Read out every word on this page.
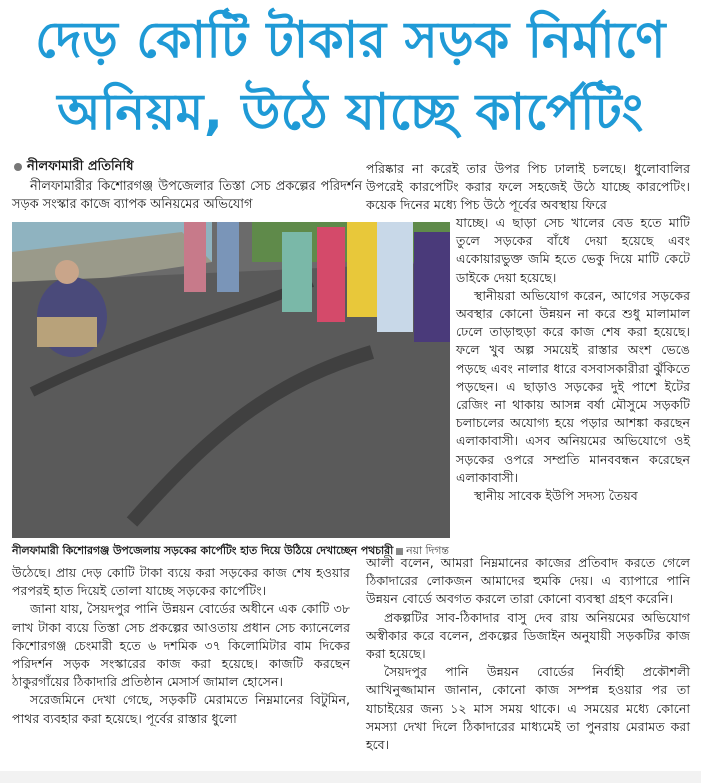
দেড় কোটি টাকার সড়ক নির্মাণে
অনিয়ম, উঠে যাচ্ছে কার্পেটিং
নীলফামারী প্রতিনিধি

নীলফামারীর কিশোরগঞ্জ উপজেলার তিস্তা সেচ প্রকল্পের পরিদর্শন সড়ক সংস্কার কাজে ব্যাপক অনিয়মের অভিযোগ

নীলফামারী কিশোরগঞ্জ উপজেলায় সড়কের কার্পেটিং হাত দিয়ে উঠিয়ে দেখাচ্ছেন পথচারী নয়া দিগন্ত

উঠেছে। প্রায় দেড় কোটি টাকা ব্যয়ে করা সড়কের কাজ শেষ হওয়ার পরপরই হাত দিয়েই তোলা যাচ্ছে সড়কের কার্পেটিং।

জানা যায়, সৈয়দপুর পানি উন্নয়ন বোর্ডের অধীনে এক কোটি ৩৮ লাখ টাকা ব্যয়ে তিস্তা সেচ প্রকল্পের আওতায় প্রধান সেচ ক্যানেলের কিশোরগঞ্জ চেংমারী হতে ৬ দশমিক ৩৭ কিলোমিটার বাম দিকের পরিদর্শন সড়ক সংস্কারের কাজ করা হয়েছে। কাজটি করছেন ঠাকুরগাঁয়ের ঠিকাদারি প্রতিষ্ঠান মেসার্স জামাল হোসেন।

সরেজমিনে দেখা গেছে, সড়কটি মেরামতে নিম্নমানের বিটুমিন, পাথর ব্যবহার করা হয়েছে। পূর্বের রাস্তার ধুলো

পরিষ্কার না করেই তার উপর পিচ ঢালাই চলছে। ধুলোবালির উপরেই কারপেটিং করার ফলে সহজেই উঠে যাচ্ছে কারপেটিং। কয়েক দিনের মধ্যে পিচ উঠে পূর্বের অবস্থায় ফিরে

যাচ্ছে। এ ছাড়া সেচ খালের বেড হতে মাটি তুলে সড়কের বাঁধে দেয়া হয়েছে এবং একোয়ারভুক্ত জমি হতে ভেকু দিয়ে মাটি কেটে ডাইকে দেয়া হয়েছে।

স্থানীয়রা অভিযোগ করেন, আগের সড়কের অবস্থার কোনো উন্নয়ন না করে শুধু মালামাল ঢেলে তাড়াহুড়া করে কাজ শেষ করা হয়েছে। ফলে খুব অল্প সময়েই রাস্তার অংশ ভেঙে পড়ছে এবং নালার ধারে বসবাসকারীরা ঝুঁকিতে পড়ছেন। এ ছাড়াও সড়কের দুই পাশে ইটের রেজিং না থাকায় আসন্ন বর্ষা মৌসুমে সড়কটি চলাচলের অযোগ্য হয়ে পড়ার আশঙ্কা করছেন এলাকাবাসী। এসব অনিয়মের অভিযোগে ওই সড়কের ওপরে সম্প্রতি মানববন্ধন করেছেন এলাকাবাসী।

স্থানীয় সাবেক ইউপি সদস্য তৈয়ব

আলী বলেন, আমরা নিম্নমানের কাজের প্রতিবাদ করতে গেলে ঠিকাদারের লোকজন আমাদের হুমকি দেয়। এ ব্যাপারে পানি উন্নয়ন বোর্ডে অবগত করলে তারা কোনো ব্যবস্থা গ্রহণ করেনি।

প্রকল্পটির সাব-ঠিকাদার বাসু দেব রায় অনিয়মের অভিযোগ অস্বীকার করে বলেন, প্রকল্পের ডিজাইন অনুযায়ী সড়কটির কাজ করা হয়েছে।

সৈয়দপুর পানি উন্নয়ন বোর্ডের নির্বাহী প্রকৌশলী আখিনুজ্জামান জানান, কোনো কাজ সম্পন্ন হওয়ার পর তা যাচাইয়ের জন্য ১২ মাস সময় থাকে। এ সময়ের মধ্যে কোনো সমস্যা দেখা দিলে ঠিকাদারের মাধ্যমেই তা পুনরায় মেরামত করা হবে।
